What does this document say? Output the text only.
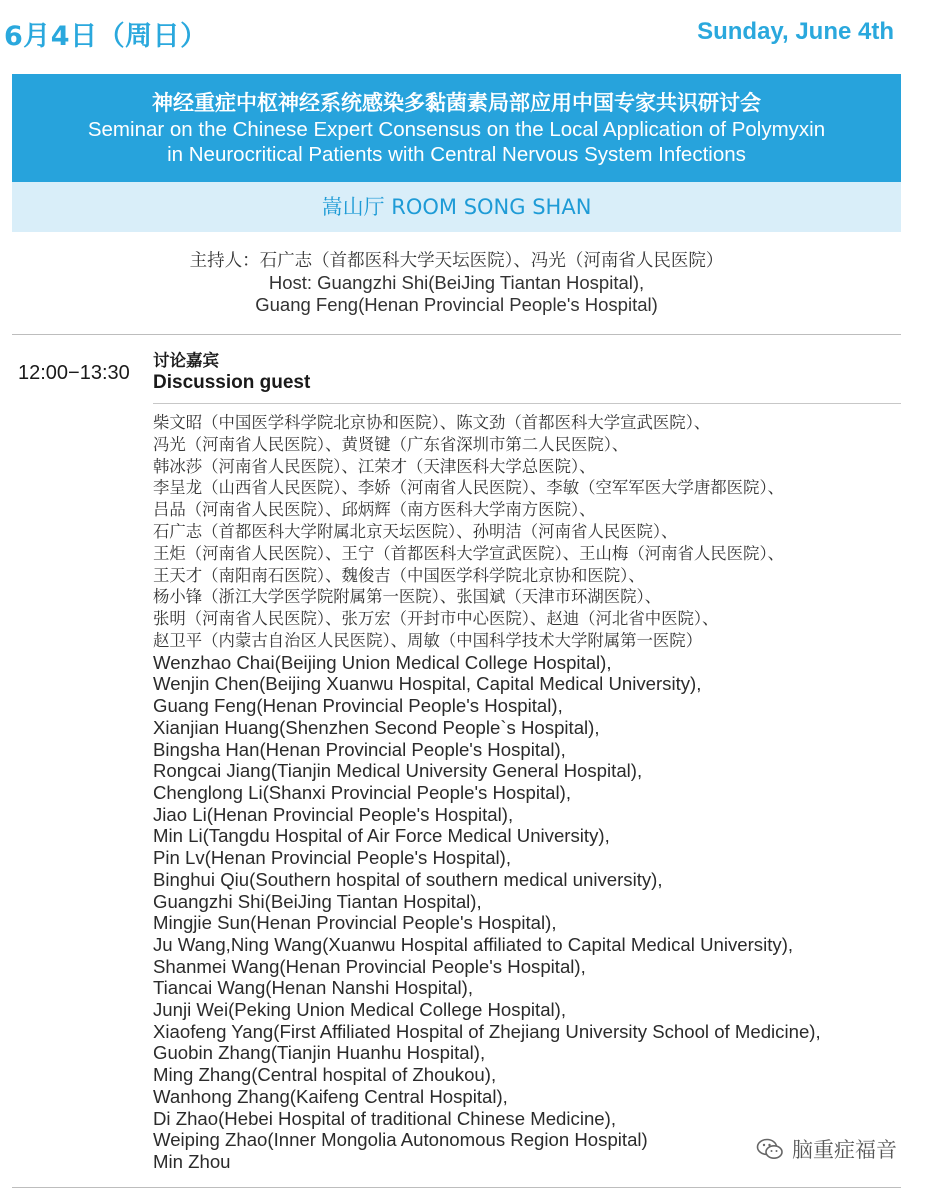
6月4日（周日）	Sunday, June 4th
神经重症中枢神经系统感染多黏菌素局部应用中国专家共识研讨会
Seminar on the Chinese Expert Consensus on the Local Application of Polymyxin
in Neurocritical Patients with Central Nervous System Infections
嵩山厅 ROOM SONG SHAN
主持人：石广志（首都医科大学天坛医院）、冯光（河南省人民医院）
Host: Guangzhi Shi(BeiJing Tiantan Hospital),
Guang Feng(Henan Provincial People's Hospital)
12:00−13:30
讨论嘉宾
Discussion guest
柴文昭（中国医学科学院北京协和医院）、陈文劲（首都医科大学宣武医院）、
冯光（河南省人民医院）、黄贤键（广东省深圳市第二人民医院）、
韩冰莎（河南省人民医院）、江荣才（天津医科大学总医院）、
李呈龙（山西省人民医院）、李娇（河南省人民医院）、李敏（空军军医大学唐都医院）、
吕品（河南省人民医院）、邱炳辉（南方医科大学南方医院）、
石广志（首都医科大学附属北京天坛医院）、孙明洁（河南省人民医院）、
王炬（河南省人民医院）、王宁（首都医科大学宣武医院）、王山梅（河南省人民医院）、
王天才（南阳南石医院）、魏俊吉（中国医学科学院北京协和医院）、
杨小锋（浙江大学医学院附属第一医院）、张国斌（天津市环湖医院）、
张明（河南省人民医院）、张万宏（开封市中心医院）、赵迪（河北省中医院）、
赵卫平（内蒙古自治区人民医院）、周敏（中国科学技术大学附属第一医院）
Wenzhao Chai(Beijing Union Medical College Hospital),
Wenjin Chen(Beijing Xuanwu Hospital, Capital Medical University),
Guang Feng(Henan Provincial People's Hospital),
Xianjian Huang(Shenzhen Second People`s Hospital),
Bingsha Han(Henan Provincial People's Hospital),
Rongcai Jiang(Tianjin Medical University General Hospital),
Chenglong Li(Shanxi Provincial People's Hospital),
Jiao Li(Henan Provincial People's Hospital),
Min Li(Tangdu Hospital of Air Force Medical University),
Pin Lv(Henan Provincial People's Hospital),
Binghui Qiu(Southern hospital of southern medical university),
Guangzhi Shi(BeiJing Tiantan Hospital),
Mingjie Sun(Henan Provincial People's Hospital),
Ju Wang,Ning Wang(Xuanwu Hospital affiliated to Capital Medical University),
Shanmei Wang(Henan Provincial People's Hospital),
Tiancai Wang(Henan Nanshi Hospital),
Junji Wei(Peking Union Medical College Hospital),
Xiaofeng Yang(First Affiliated Hospital of Zhejiang University School of Medicine),
Guobin Zhang(Tianjin Huanhu Hospital),
Ming Zhang(Central hospital of Zhoukou),
Wanhong Zhang(Kaifeng Central Hospital),
Di Zhao(Hebei Hospital of traditional Chinese Medicine),
Weiping Zhao(Inner Mongolia Autonomous Region Hospital)
Min Zhou	脑重症福音
